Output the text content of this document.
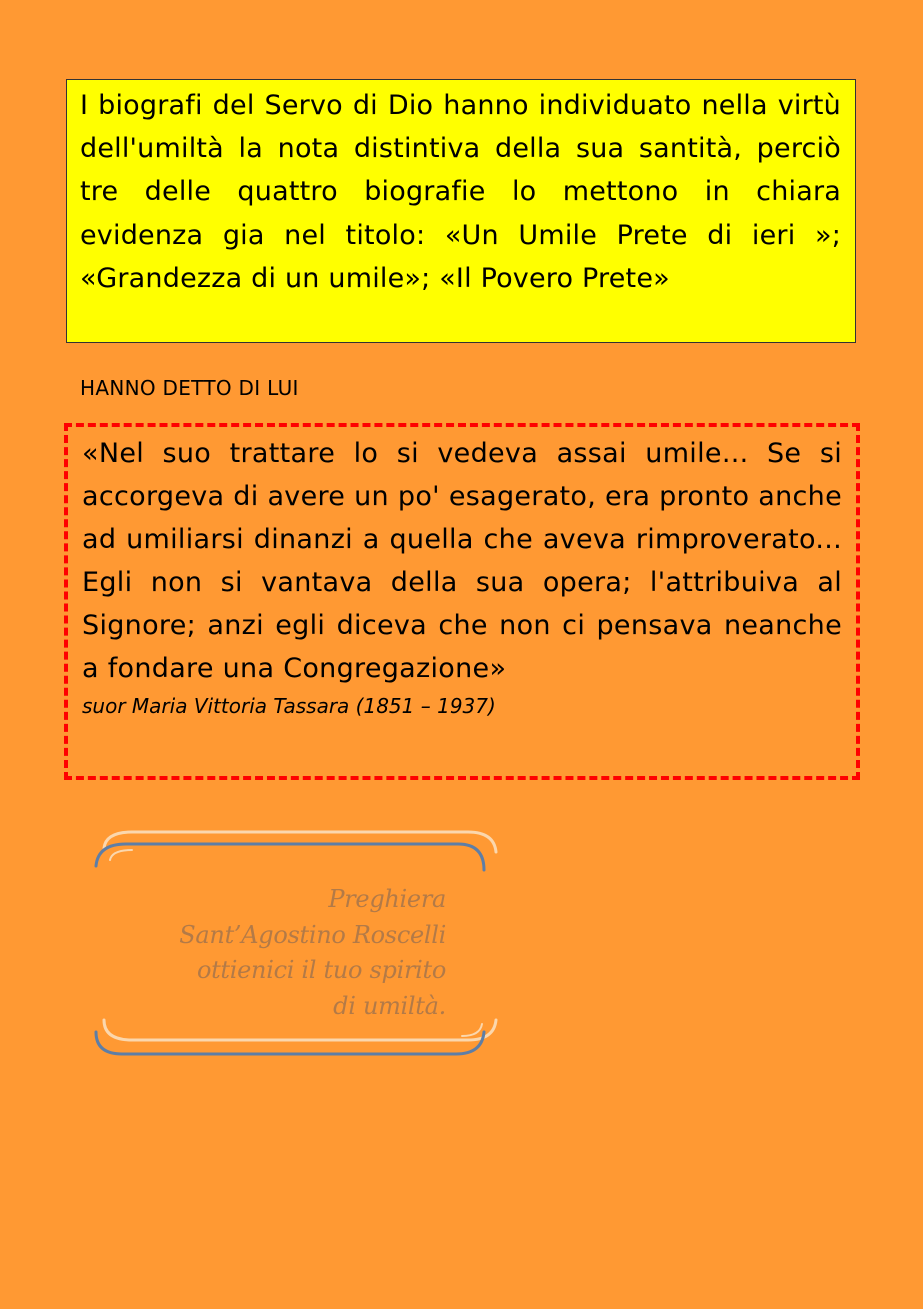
I biografi del Servo di Dio hanno individuato nella virtù dell'umiltà la nota distintiva della sua santità, perciò tre delle quattro biografie lo mettono in chiara evidenza gia nel titolo: «Un Umile Prete di ieri »; «Grandezza di un umile»; «Il Povero Prete»

HANNO DETTO DI LUI

«Nel suo trattare lo si vedeva assai umile... Se si accorgeva di avere un po' esagerato, era pronto anche ad umiliarsi dinanzi a quella che aveva rimproverato... Egli non si vantava della sua opera; l'attribuiva al Signore; anzi egli diceva che non ci pensava neanche a fondare una Congregazione»

suor Maria Vittoria Tassara (1851 – 1937)

Preghiera
Sant’Agostino Roscelli
ottienici il tuo spirito
di umiltà.
